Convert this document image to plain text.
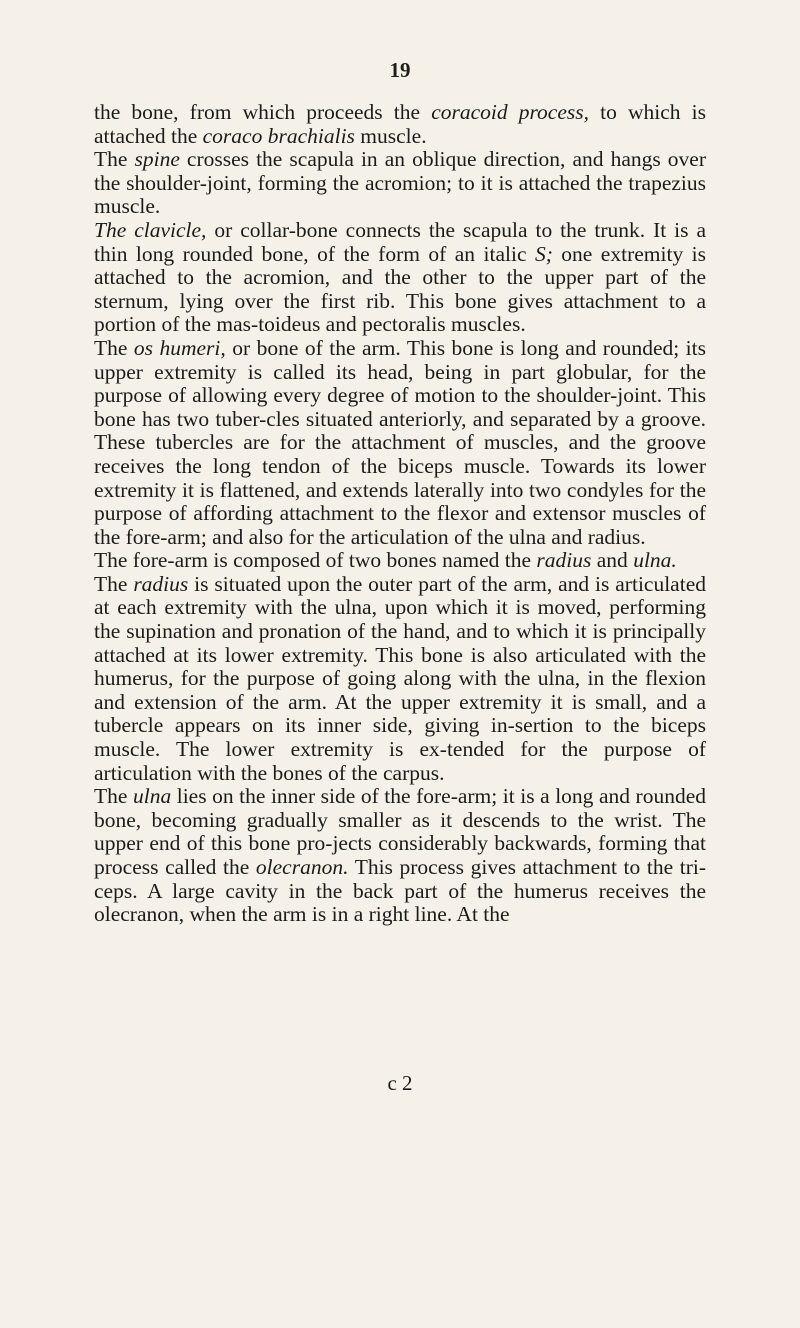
19

the bone, from which proceeds the coracoid process, to which is attached the coraco brachialis muscle.

The spine crosses the scapula in an oblique direction, and hangs over the shoulder-joint, forming the acromion; to it is attached the trapezius muscle.

The clavicle, or collar-bone connects the scapula to the trunk. It is a thin long rounded bone, of the form of an italic S; one extremity is attached to the acromion, and the other to the upper part of the sternum, lying over the first rib. This bone gives attachment to a portion of the mas-toideus and pectoralis muscles.

The os humeri, or bone of the arm. This bone is long and rounded; its upper extremity is called its head, being in part globular, for the purpose of allowing every degree of motion to the shoulder-joint. This bone has two tuber-cles situated anteriorly, and separated by a groove. These tubercles are for the attachment of muscles, and the groove receives the long tendon of the biceps muscle. Towards its lower extremity it is flattened, and extends laterally into two condyles for the purpose of affording attachment to the flexor and extensor muscles of the fore-arm; and also for the articulation of the ulna and radius.

The fore-arm is composed of two bones named the radius and ulna.

The radius is situated upon the outer part of the arm, and is articulated at each extremity with the ulna, upon which it is moved, performing the supination and pronation of the hand, and to which it is principally attached at its lower extremity. This bone is also articulated with the humerus, for the purpose of going along with the ulna, in the flexion and extension of the arm. At the upper extremity it is small, and a tubercle appears on its inner side, giving in-sertion to the biceps muscle. The lower extremity is ex-tended for the purpose of articulation with the bones of the carpus.

The ulna lies on the inner side of the fore-arm; it is a long and rounded bone, becoming gradually smaller as it descends to the wrist. The upper end of this bone pro-jects considerably backwards, forming that process called the olecranon. This process gives attachment to the tri-ceps. A large cavity in the back part of the humerus receives the olecranon, when the arm is in a right line. At the

c 2
